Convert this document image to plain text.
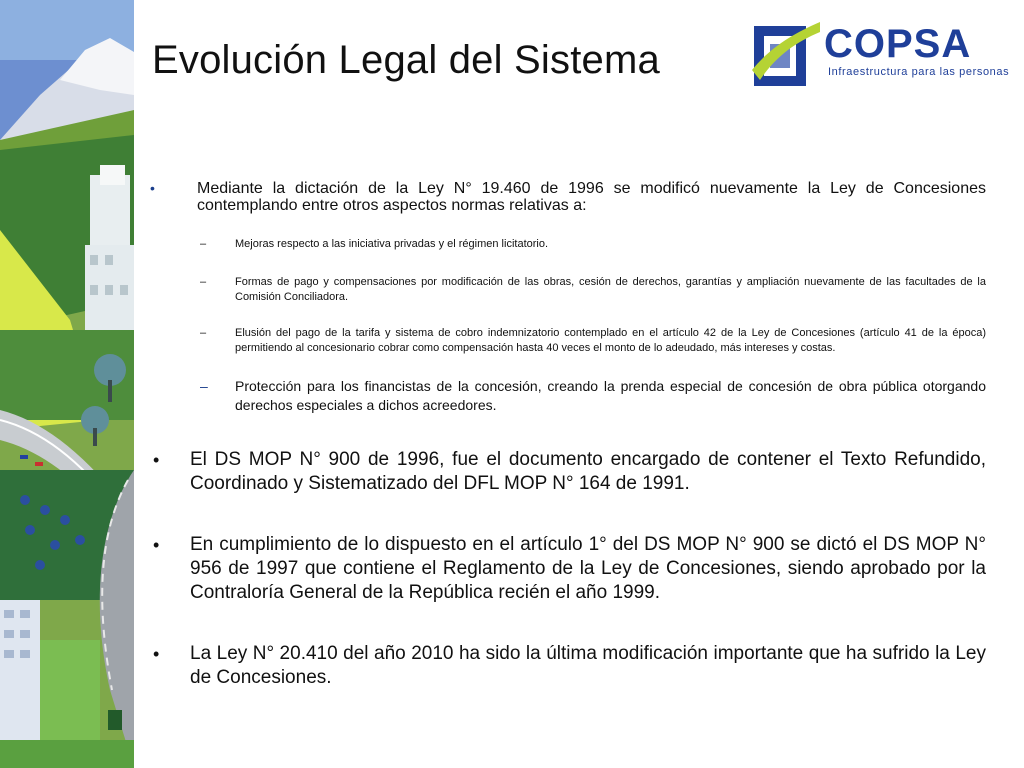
Evolución Legal del Sistema	COPSA
Infraestructura para las personas
•	Mediante la dictación de la Ley N° 19.460 de 1996 se modificó nuevamente la Ley de Concesiones contemplando entre otros aspectos normas relativas a:
–	Mejoras respecto a las iniciativa privadas y el régimen licitatorio.
–	Formas de pago y compensaciones por modificación de las obras, cesión de derechos, garantías y ampliación nuevamente de las facultades de la Comisión Conciliadora.
–	Elusión del pago de la tarifa y sistema de cobro indemnizatorio contemplado en el artículo 42 de la Ley de Concesiones (artículo 41 de la época) permitiendo al concesionario cobrar como compensación hasta 40 veces el monto de lo adeudado, más intereses y costas.
– Protección para los financistas de la concesión, creando la prenda especial de concesión de obra pública otorgando derechos especiales a dichos acreedores.
• El DS MOP N° 900 de 1996, fue el documento encargado de contener el Texto Refundido, Coordinado y Sistematizado del DFL MOP N° 164 de 1991.
• En cumplimiento de lo dispuesto en el artículo 1° del DS MOP N° 900 se dictó el DS MOP N° 956 de 1997 que contiene el Reglamento de la Ley de Concesiones, siendo aprobado por la Contraloría General de la República recién el año 1999.
• La Ley N° 20.410 del año 2010 ha sido la última modificación importante que ha sufrido la Ley de Concesiones.
